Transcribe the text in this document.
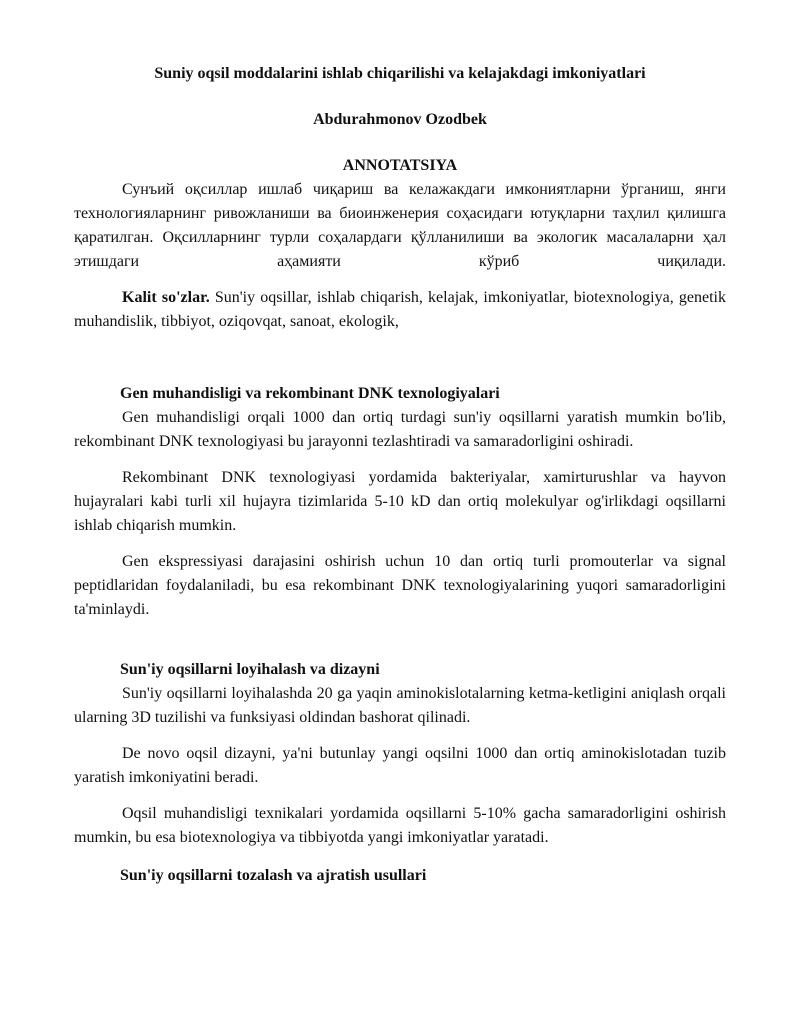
Suniy oqsil moddalarini ishlab chiqarilishi va kelajakdagi imkoniyatlari
Abdurahmonov Ozodbek
ANNOTATSIYA

Сунъий оқсиллар ишлаб чиқариш ва келажакдаги имкониятларни ўрганиш, янги технологияларнинг ривожланиши ва биоинженерия соҳасидаги ютуқларни таҳлил қилишга қаратилган. Оқсилларнинг турли соҳалардаги қўлланилиши ва экологик масалаларни ҳал этишдаги аҳамияти кўриб чиқилади.

Kalit so'zlar. Sun'iy oqsillar, ishlab chiqarish, kelajak, imkoniyatlar, biotexnologiya, genetik muhandislik, tibbiyot, oziqovqat, sanoat, ekologik,

Gen muhandisligi va rekombinant DNK texnologiyalari

Gen muhandisligi orqali 1000 dan ortiq turdagi sun'iy oqsillarni yaratish mumkin bo'lib, rekombinant DNK texnologiyasi bu jarayonni tezlashtiradi va samaradorligini oshiradi.

Rekombinant DNK texnologiyasi yordamida bakteriyalar, xamirturushlar va hayvon hujayralari kabi turli xil hujayra tizimlarida 5-10 kD dan ortiq molekulyar og'irlikdagi oqsillarni ishlab chiqarish mumkin.

Gen ekspressiyasi darajasini oshirish uchun 10 dan ortiq turli promouterlar va signal peptidlaridan foydalaniladi, bu esa rekombinant DNK texnologiyalarining yuqori samaradorligini ta'minlaydi.

Sun'iy oqsillarni loyihalash va dizayni

Sun'iy oqsillarni loyihalashda 20 ga yaqin aminokislotalarning ketma-ketligini aniqlash orqali ularning 3D tuzilishi va funksiyasi oldindan bashorat qilinadi.

De novo oqsil dizayni, ya'ni butunlay yangi oqsilni 1000 dan ortiq aminokislotadan tuzib yaratish imkoniyatini beradi.

Oqsil muhandisligi texnikalari yordamida oqsillarni 5-10% gacha samaradorligini oshirish mumkin, bu esa biotexnologiya va tibbiyotda yangi imkoniyatlar yaratadi.

Sun'iy oqsillarni tozalash va ajratish usullari
